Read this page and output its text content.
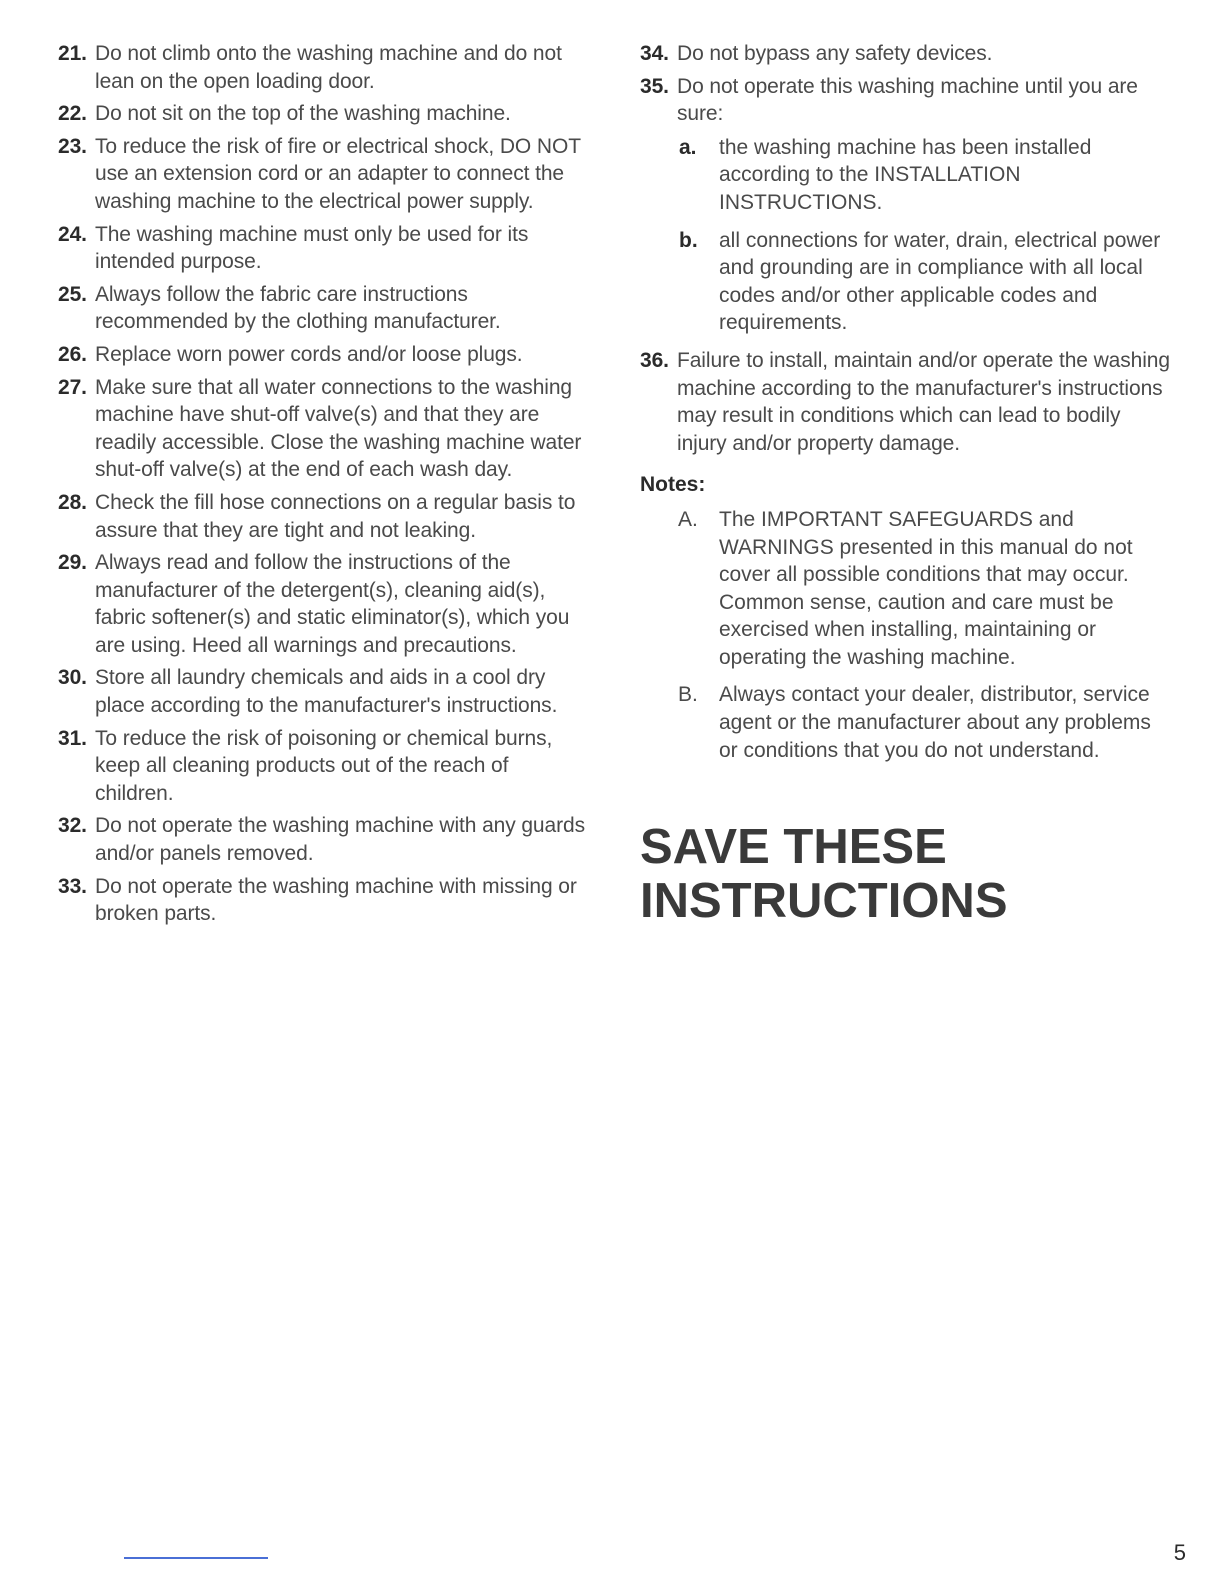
21. Do not climb onto the washing machine and do not lean on the open loading door.
22. Do not sit on the top of the washing machine.
23. To reduce the risk of fire or electrical shock, DO NOT use an extension cord or an adapter to connect the washing machine to the electrical power supply.
24. The washing machine must only be used for its intended purpose.
25. Always follow the fabric care instructions recommended by the clothing manufacturer.
26. Replace worn power cords and/or loose plugs.
27. Make sure that all water connections to the washing machine have shut-off valve(s) and that they are readily accessible. Close the washing machine water shut-off valve(s) at the end of each wash day.
28. Check the fill hose connections on a regular basis to assure that they are tight and not leaking.
29. Always read and follow the instructions of the manufacturer of the detergent(s), cleaning aid(s), fabric softener(s) and static eliminator(s), which you are using. Heed all warnings and precautions.
30. Store all laundry chemicals and aids in a cool dry place according to the manufacturer's instructions.
31. To reduce the risk of poisoning or chemical burns, keep all cleaning products out of the reach of children.
32. Do not operate the washing machine with any guards and/or panels removed.
33. Do not operate the washing machine with missing or broken parts.
34. Do not bypass any safety devices.
35. Do not operate this washing machine until you are sure:
a. the washing machine has been installed according to the INSTALLATION INSTRUCTIONS.
b. all connections for water, drain, electrical power and grounding are in compliance with all local codes and/or other applicable codes and requirements.
36. Failure to install, maintain and/or operate the washing machine according to the manufacturer's instructions may result in conditions which can lead to bodily injury and/or property damage.
Notes:
A. The IMPORTANT SAFEGUARDS and WARNINGS presented in this manual do not cover all possible conditions that may occur. Common sense, caution and care must be exercised when installing, maintaining or operating the washing machine.
B. Always contact your dealer, distributor, service agent or the manufacturer about any problems or conditions that you do not understand.
SAVE THESE
INSTRUCTIONS
5
